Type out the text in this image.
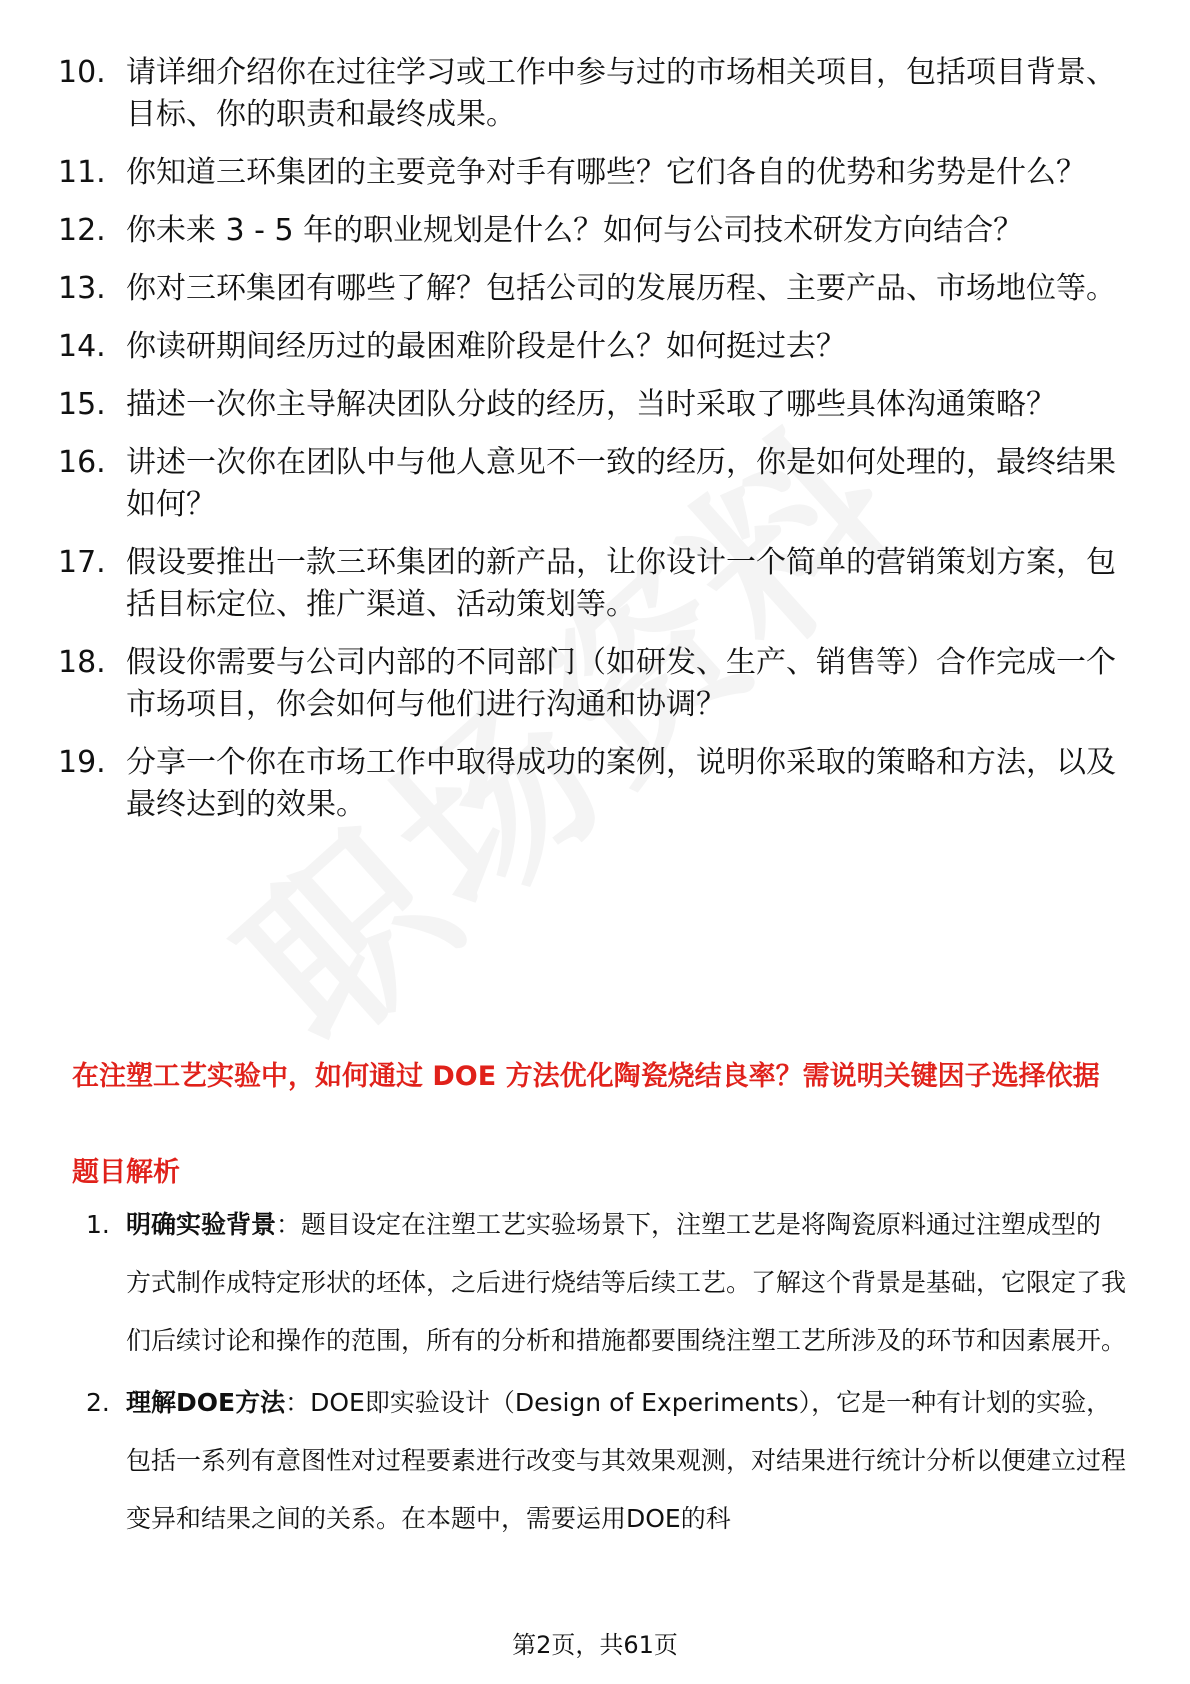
10. 请详细介绍你在过往学习或工作中参与过的市场相关项目，包括项目背景、目标、你的职责和最终成果。
11. 你知道三环集团的主要竞争对手有哪些？它们各自的优势和劣势是什么？
12. 你未来 3 - 5 年的职业规划是什么？如何与公司技术研发方向结合？
13. 你对三环集团有哪些了解？包括公司的发展历程、主要产品、市场地位等。
14. 你读研期间经历过的最困难阶段是什么？如何挺过去？
15. 描述一次你主导解决团队分歧的经历，当时采取了哪些具体沟通策略？
16. 讲述一次你在团队中与他人意见不一致的经历，你是如何处理的，最终结果如何？
17. 假设要推出一款三环集团的新产品，让你设计一个简单的营销策划方案，包括目标定位、推广渠道、活动策划等。
18. 假设你需要与公司内部的不同部门（如研发、生产、销售等）合作完成一个市场项目，你会如何与他们进行沟通和协调？
19. 分享一个你在市场工作中取得成功的案例，说明你采取的策略和方法，以及最终达到的效果。
在注塑工艺实验中，如何通过 DOE 方法优化陶瓷烧结良率？需说明关键因子选择依据
题目解析
1. 明确实验背景：题目设定在注塑工艺实验场景下，注塑工艺是将陶瓷原料通过注塑成型的方式制作成特定形状的坯体，之后进行烧结等后续工艺。了解这个背景是基础，它限定了我们后续讨论和操作的范围，所有的分析和措施都要围绕注塑工艺所涉及的环节和因素展开。
2. 理解DOE方法：DOE即实验设计（Design of Experiments），它是一种有计划的实验，包括一系列有意图性对过程要素进行改变与其效果观测，对结果进行统计分析以便建立过程变异和结果之间的关系。在本题中，需要运用DOE的科
第2页，共61页
